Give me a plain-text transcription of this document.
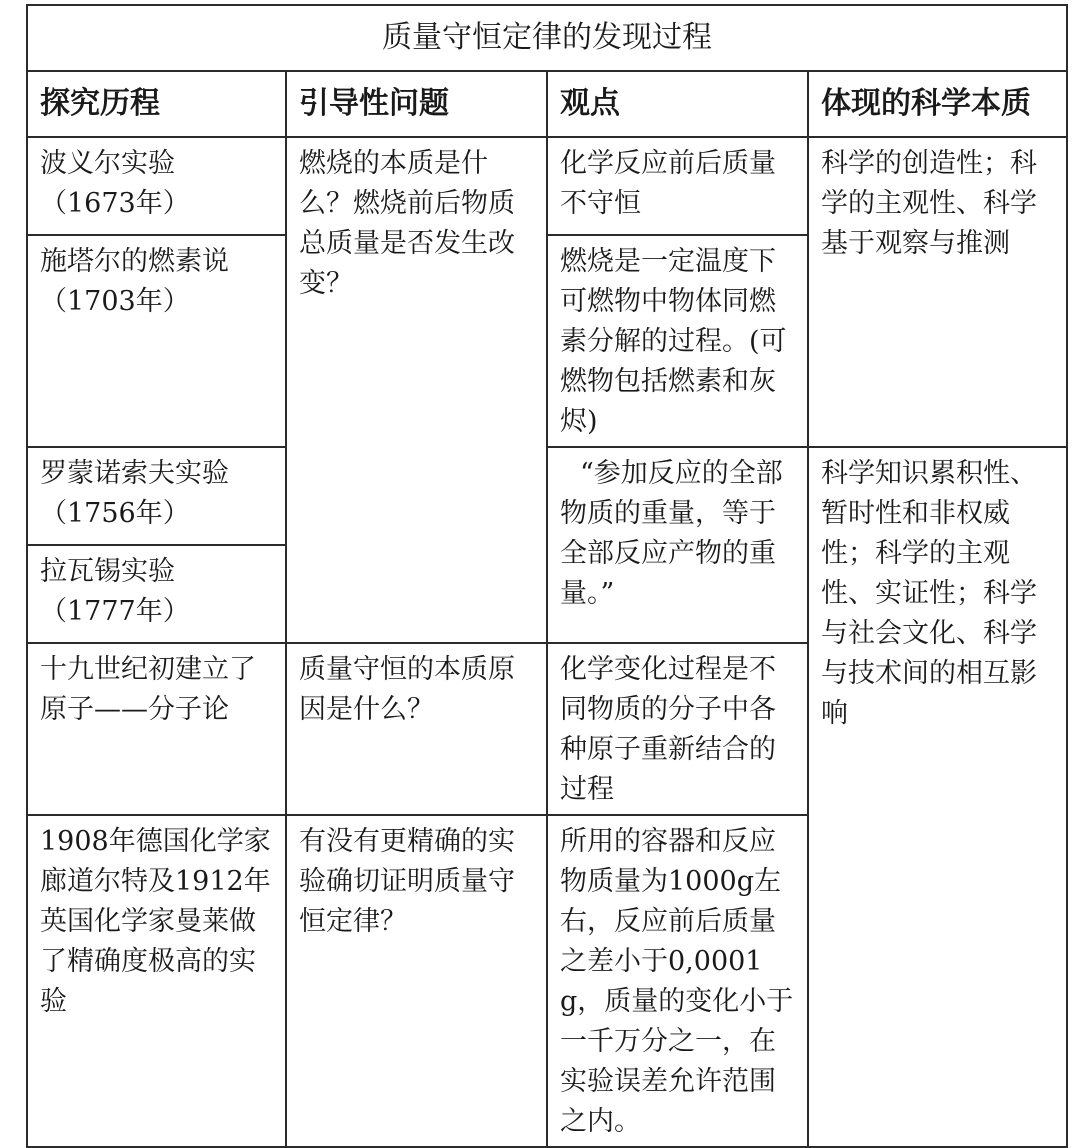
质量守恒定律的发现过程			
探究历程	引导性问题	观点	体现的科学本质
波义尔实验
（1673年）	燃烧的本质是什么？燃烧前后物质总质量是否发生改变？	化学反应前后质量不守恒	科学的创造性；科学的主观性、科学基于观察与推测
施塔尔的燃素说
（1703年）		燃烧是一定温度下可燃物中物体同燃素分解的过程。(可燃物包括燃素和灰烬)	
罗蒙诺索夫实验
（1756年）		“参加反应的全部物质的重量，等于全部反应产物的重量。”	科学知识累积性、暂时性和非权威性；科学的主观性、实证性；科学与社会文化、科学与技术间的相互影响
拉瓦锡实验
（1777年）			

十九世纪初建立了原子——分子论	质量守恒的本质原因是什么？	化学变化过程是不同物质的分子中各种原子重新结合的过程	
1908年德国化学家廊道尔特及1912年英国化学家曼莱做了精确度极高的实验	有没有更精确的实验确切证明质量守恒定律？	所用的容器和反应物质量为1000g左右，反应前后质量之差小于0,0001g，质量的变化小于一千万分之一，在实验误差允许范围之内。	
